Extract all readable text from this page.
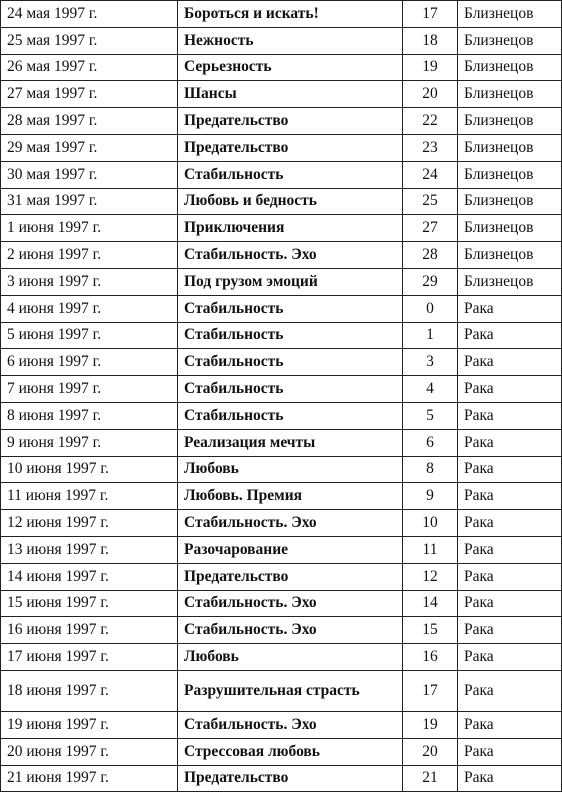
24 мая 1997 г.	Бороться и искать!	17	Близнецов
25 мая 1997 г.	Нежность	18	Близнецов
26 мая 1997 г.	Серьезность	19	Близнецов
27 мая 1997 г.	Шансы	20	Близнецов
28 мая 1997 г.	Предательство	22	Близнецов
29 мая 1997 г.	Предательство	23	Близнецов
30 мая 1997 г.	Стабильность	24	Близнецов
31 мая 1997 г.	Любовь и бедность	25	Близнецов
1 июня 1997 г.	Приключения	27	Близнецов
2 июня 1997 г.	Стабильность. Эхо	28	Близнецов
3 июня 1997 г.	Под грузом эмоций	29	Близнецов
4 июня 1997 г.	Стабильность	0	Рака
5 июня 1997 г.	Стабильность	1	Рака
6 июня 1997 г.	Стабильность	3	Рака
7 июня 1997 г.	Стабильность	4	Рака
8 июня 1997 г.	Стабильность	5	Рака
9 июня 1997 г.	Реализация мечты	6	Рака
10 июня 1997 г.	Любовь	8	Рака
11 июня 1997 г.	Любовь. Премия	9	Рака
12 июня 1997 г.	Стабильность. Эхо	10	Рака
13 июня 1997 г.	Разочарование	11	Рака
14 июня 1997 г.	Предательство	12	Рака
15 июня 1997 г.	Стабильность. Эхо	14	Рака
16 июня 1997 г.	Стабильность. Эхо	15	Рака
17 июня 1997 г.	Любовь	16	Рака
18 июня 1997 г.	Разрушительная страсть	17	Рака
19 июня 1997 г.	Стабильность. Эхо	19	Рака
20 июня 1997 г.	Стрессовая любовь	20	Рака
21 июня 1997 г.	Предательство	21	Рака
